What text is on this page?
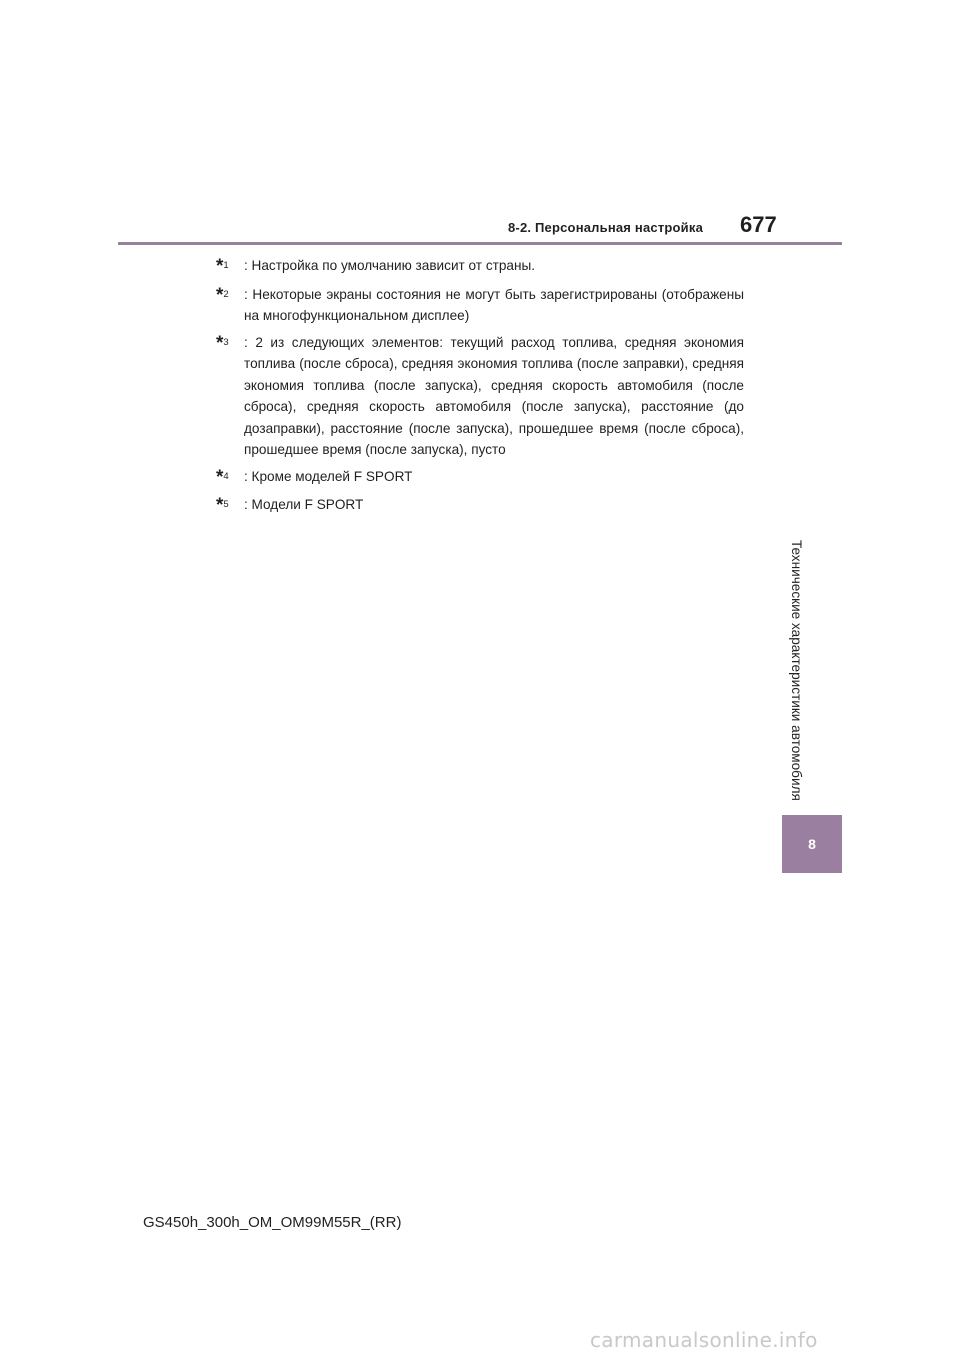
8-2. Персональная настройка 677
*$^1$	: Настройка по умолчанию зависит от страны.
*$^2$	: Некоторые экраны состояния не могут быть зарегистрированы (отображены на многофункциональном дисплее)
*$^3$	: 2 из следующих элементов: текущий расход топлива, средняя экономия топлива (после сброса), средняя экономия топлива (после заправки), средняя экономия топлива (после запуска), средняя скорость автомобиля (после сброса), средняя скорость автомобиля (после запуска), расстояние (до дозаправки), расстояние (после запуска), прошедшее время (после сброса), прошедшее время (после запуска), пусто
*$^4$	: Кроме моделей F SPORT
*$^5$	: Модели F SPORT
Технические характеристики автомобиля
8
GS450h_300h_OM_OM99M55R_(RR)
carmanualsonline.info
